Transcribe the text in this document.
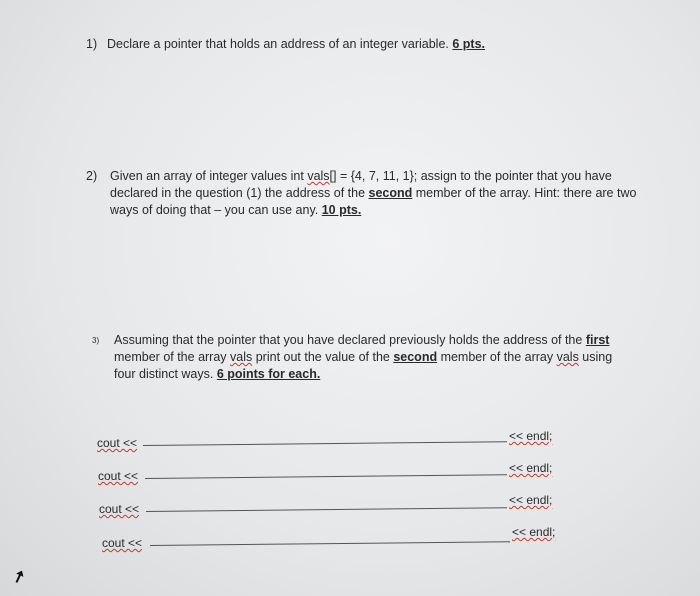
1) Declare a pointer that holds an address of an integer variable. 6 pts.
2) Given an array of integer values int vals[] = {4, 7, 11, 1}; assign to the pointer that you have declared in the question (1) the address of the second member of the array. Hint: there are two ways of doing that – you can use any. 10 pts.
3) Assuming that the pointer that you have declared previously holds the address of the first member of the array vals print out the value of the second member of the array vals using four distinct ways. 6 points for each.
cout <<	<< endl;
cout <<
<< endl;
cout <<
<< endl;
cout <<
<< endl;
